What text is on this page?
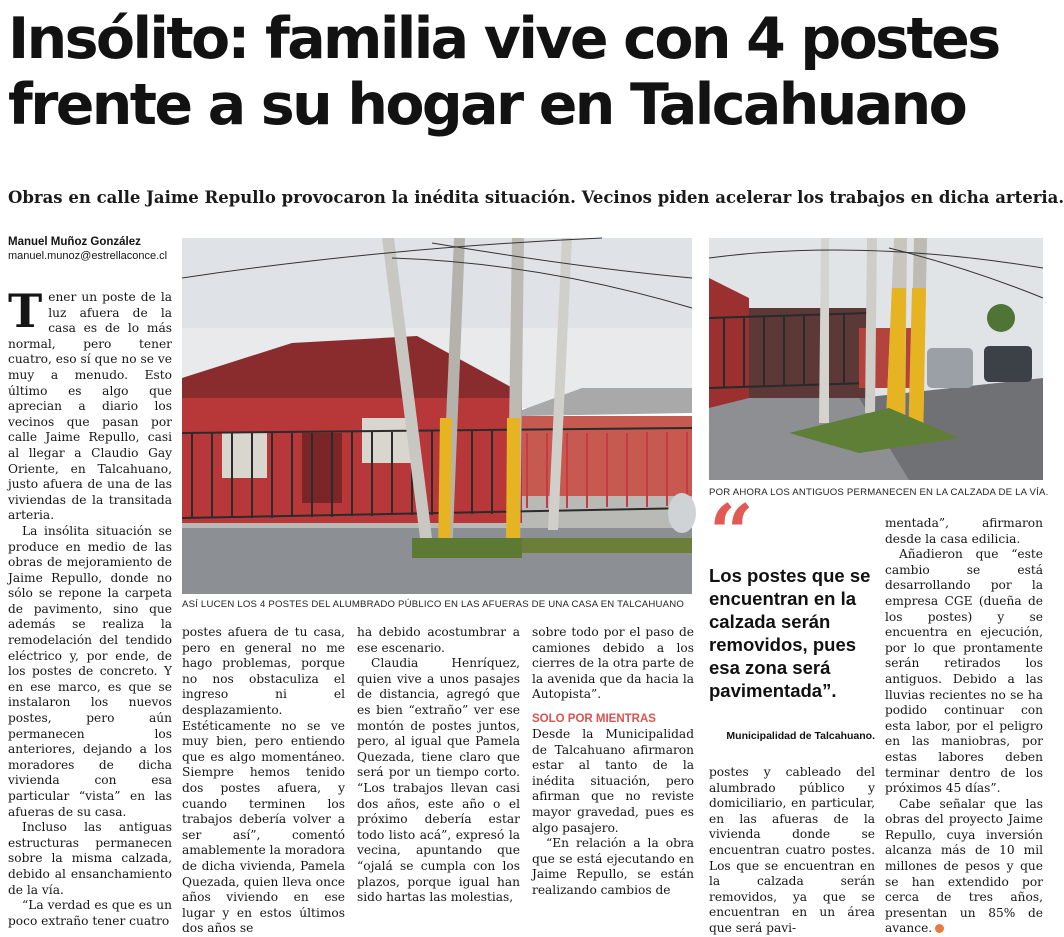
Insólito: familia vive con 4 postes
frente a su hogar en Talcahuano

Obras en calle Jaime Repullo provocaron la inédita situación. Vecinos piden acelerar los trabajos en dicha arteria.

Manuel Muñoz González
manuel.munoz@estrellaconce.cl

Tener un poste de la luz afuera de la casa es de lo más normal, pero tener cuatro, eso sí que no se ve muy a menudo. Esto último es algo que aprecian a diario los vecinos que pasan por calle Jaime Repullo, casi al llegar a Claudio Gay Oriente, en Talcahuano, justo afuera de una de las viviendas de la transitada arteria.

La insólita situación se produce en medio de las obras de mejoramiento de Jaime Repullo, donde no sólo se repone la carpeta de pavimento, sino que además se realiza la remodelación del tendido eléctrico y, por ende, de los postes de concreto. Y en ese marco, es que se instalaron los nuevos postes, pero aún permanecen los anteriores, dejando a los moradores de dicha vivienda con esa particular “vista” en las afueras de su casa.

Incluso las antiguas estructuras permanecen sobre la misma calzada, debido al ensanchamiento de la vía.

“La verdad es que es un poco extraño tener cuatro

ASÍ LUCEN LOS 4 POSTES DEL ALUMBRADO PÚBLICO EN LAS AFUERAS DE UNA CASA EN TALCAHUANO
POR AHORA LOS ANTIGUOS PERMANECEN EN LA CALZADA DE LA VÍA.

postes afuera de tu casa, pero en general no me hago problemas, porque no nos obstaculiza el ingreso ni el desplazamiento. Estéticamente no se ve muy bien, pero entiendo que es algo momentáneo. Siempre hemos tenido dos postes afuera, y cuando terminen los trabajos debería volver a ser así”, comentó amablemente la moradora de dicha vivienda, Pamela Quezada, quien lleva once años viviendo en ese lugar y en estos últimos dos años se

ha debido acostumbrar a ese escenario.

Claudia Henríquez, quien vive a unos pasajes de distancia, agregó que es bien “extraño” ver ese montón de postes juntos, pero, al igual que Pamela Quezada, tiene claro que será por un tiempo corto. “Los trabajos llevan casi dos años, este año o el próximo debería estar todo listo acá”, expresó la vecina, apuntando que “ojalá se cumpla con los plazos, porque igual han sido hartas las molestias,

sobre todo por el paso de camiones debido a los cierres de la otra parte de la avenida que da hacia la Autopista”.

SOLO POR MIENTRAS

Desde la Municipalidad de Talcahuano afirmaron estar al tanto de la inédita situación, pero afirman que no reviste mayor gravedad, pues es algo pasajero.

“En relación a la obra que se está ejecutando en Jaime Repullo, se están realizando cambios de

“

Los postes que se encuentran en la calzada serán removidos, pues esa zona será pavimentada”.

Municipalidad de Talcahuano.

postes y cableado del alumbrado público y domiciliario, en particular, en las afueras de la vivienda donde se encuentran cuatro postes. Los que se encuentran en la calzada serán removidos, ya que se encuentran en un área que será pavi-

mentada”, afirmaron desde la casa edilicia.

Añadieron que “este cambio se está desarrollando por la empresa CGE (dueña de los postes) y se encuentra en ejecución, por lo que prontamente serán retirados los antiguos. Debido a las lluvias recientes no se ha podido continuar con esta labor, por el peligro en las maniobras, por estas labores deben terminar dentro de los próximos 45 días”.

Cabe señalar que las obras del proyecto Jaime Repullo, cuya inversión alcanza más de 10 mil millones de pesos y que se han extendido por cerca de tres años, presentan un 85% de avance.
